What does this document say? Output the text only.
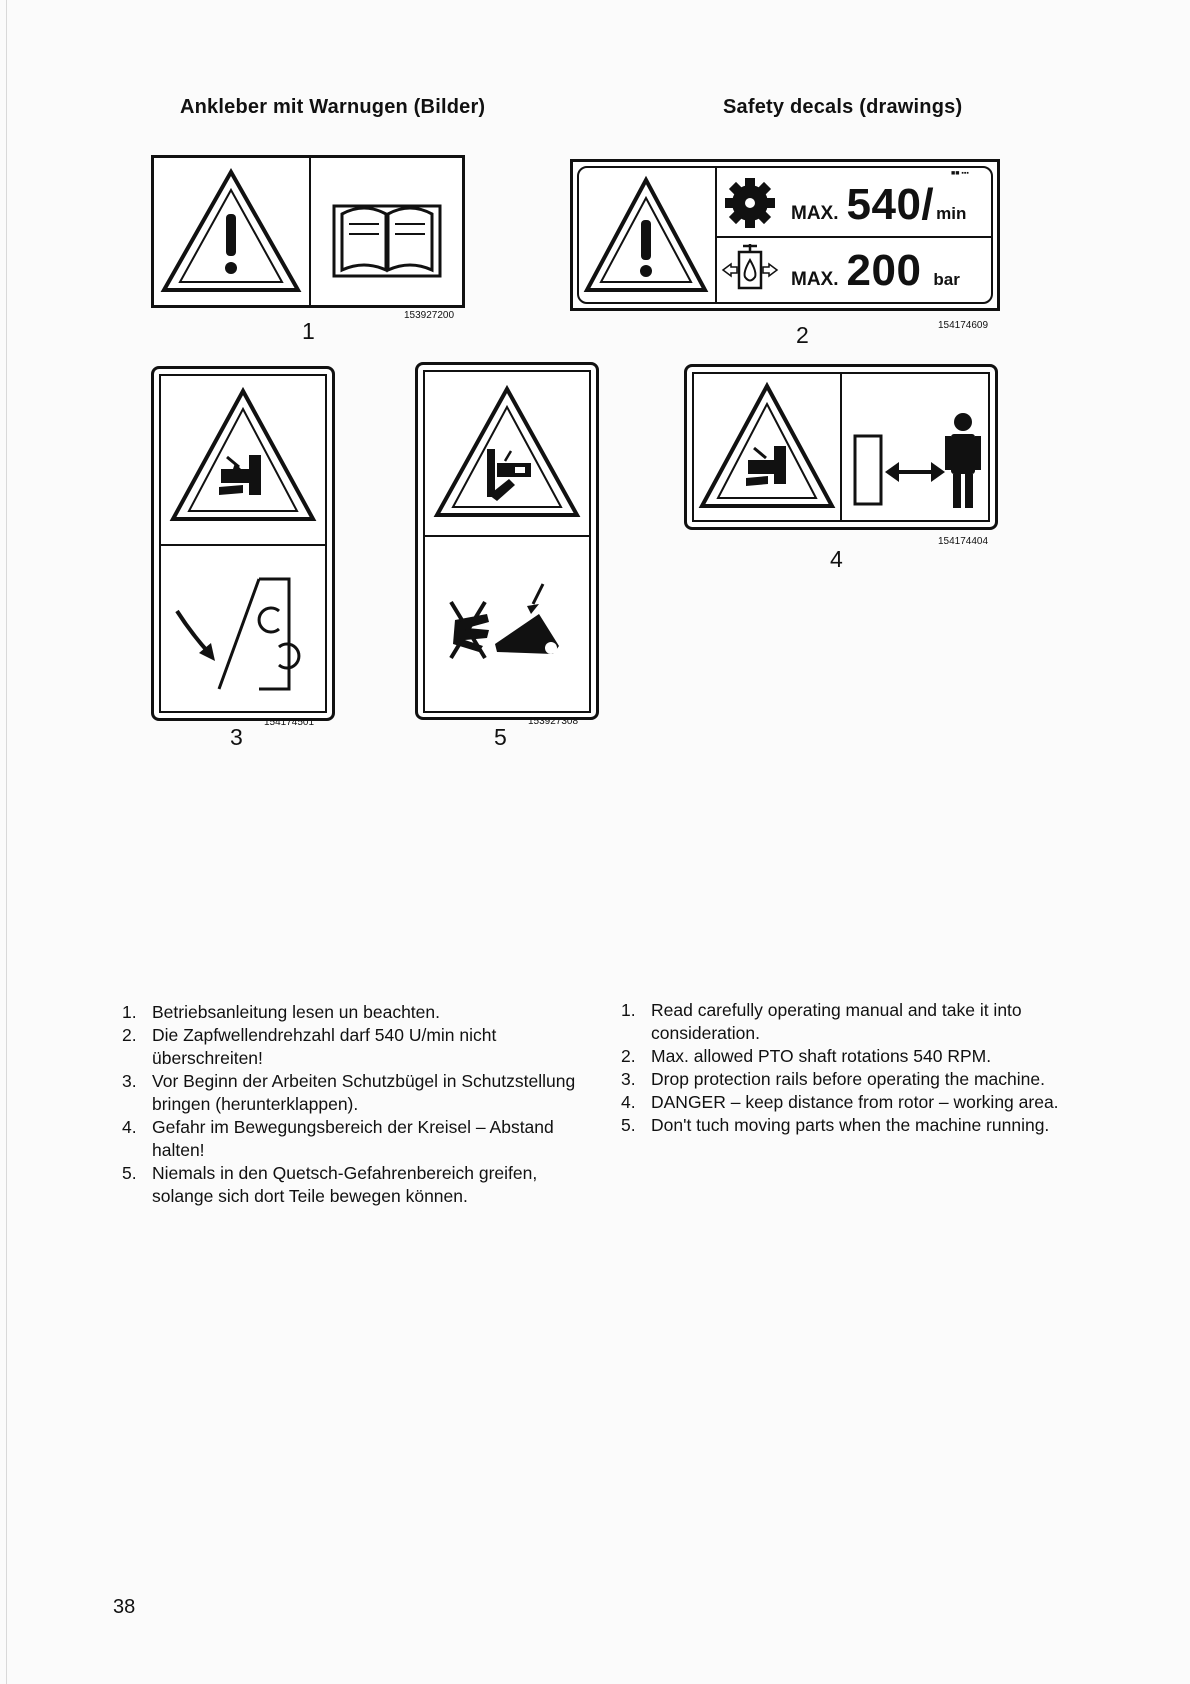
Ankleber mit Warnugen (Bilder)	Safety decals (drawings)
153927200
1
■■ ▪▪▪
MAX. 540/ min
MAX. 200 bar
154174609
2
154174501
3
153927308
5
154174404
4
1. Betriebsanleitung lesen un beachten.
2. Die Zapfwellendrehzahl darf 540 U/min nicht überschreiten!
3. Vor Beginn der Arbeiten Schutzbügel in Schutzstellung bringen (herunterklappen).
4. Gefahr im Bewegungsbereich der Kreisel – Abstand halten!
5. Niemals in den Quetsch-Gefahrenbereich greifen, solange sich dort Teile bewegen können.
1. Read carefully operating manual and take it into consideration.
2. Max. allowed PTO shaft rotations 540 RPM.
3. Drop protection rails before operating the machine.
4. DANGER – keep distance from rotor – working area.
5. Don't tuch moving parts when the machine running.
38
